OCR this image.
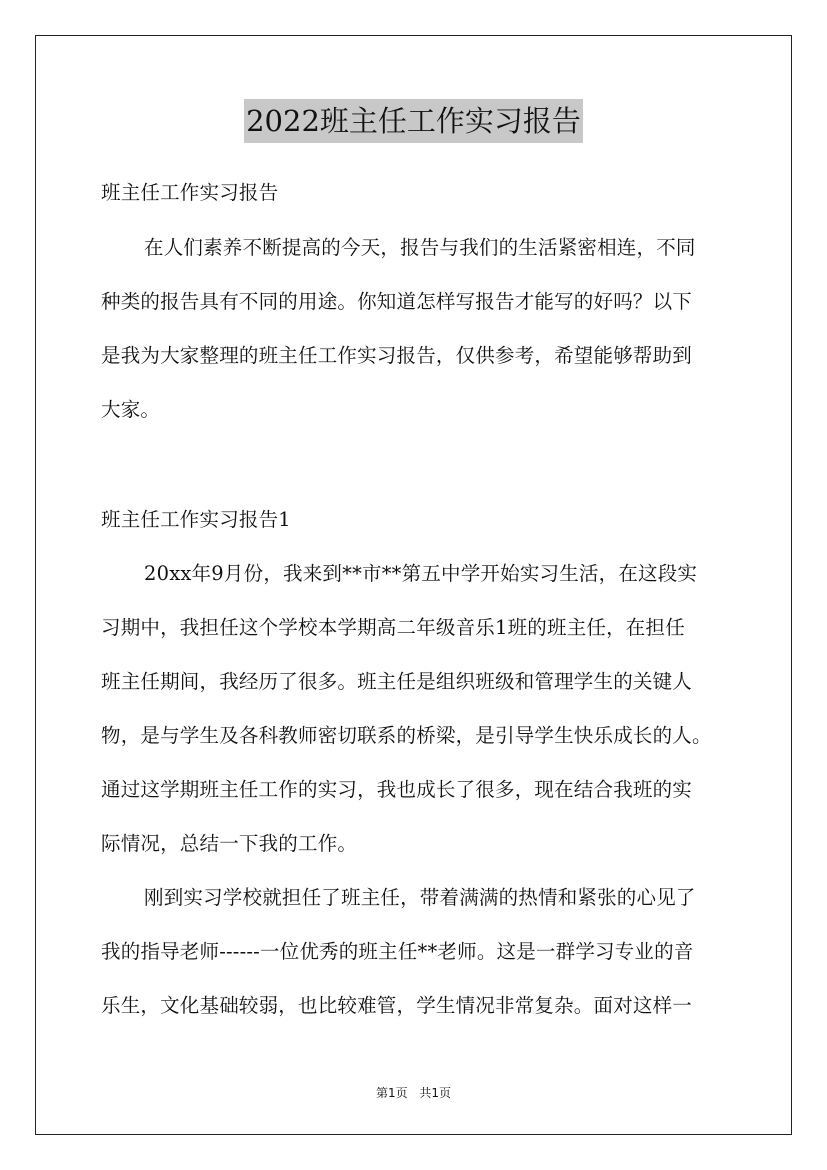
2022班主任工作实习报告
班主任工作实习报告
在人们素养不断提高的今天，报告与我们的生活紧密相连，不同
种类的报告具有不同的用途。你知道怎样写报告才能写的好吗？以下
是我为大家整理的班主任工作实习报告，仅供参考，希望能够帮助到
大家。
班主任工作实习报告1
20xx年9月份，我来到**市**第五中学开始实习生活，在这段实
习期中，我担任这个学校本学期高二年级音乐1班的班主任，在担任
班主任期间，我经历了很多。班主任是组织班级和管理学生的关键人
物，是与学生及各科教师密切联系的桥梁，是引导学生快乐成长的人。
通过这学期班主任工作的实习，我也成长了很多，现在结合我班的实
际情况，总结一下我的工作。
刚到实习学校就担任了班主任，带着满满的热情和紧张的心见了
我的指导老师------一位优秀的班主任**老师。这是一群学习专业的音
乐生，文化基础较弱，也比较难管，学生情况非常复杂。面对这样一
第1页 共1页
